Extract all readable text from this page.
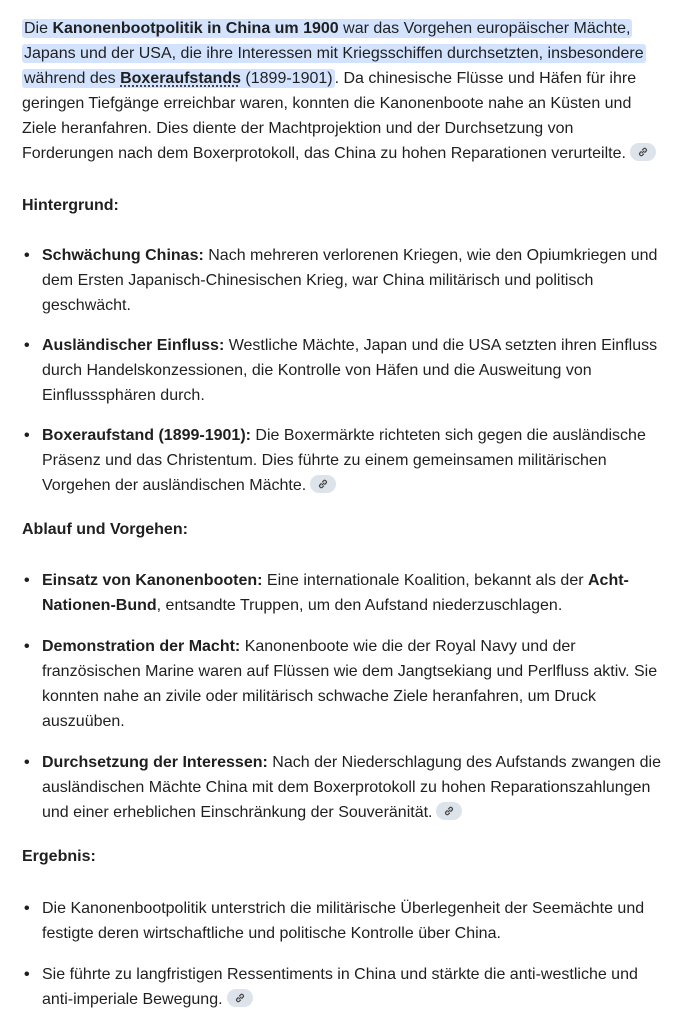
Die Kanonenbootpolitik in China um 1900 war das Vorgehen europäischer Mächte, Japans und der USA, die ihre Interessen mit Kriegsschiffen durchsetzten, insbesondere während des Boxeraufstands (1899-1901) . Da chinesische Flüsse und Häfen für ihre geringen Tiefgänge erreichbar waren, konnten die Kanonenboote nahe an Küsten und Ziele heranfahren. Dies diente der Machtprojektion und der Durchsetzung von Forderungen nach dem Boxerprotokoll, das China zu hohen Reparationen verurteilte.

Hintergrund:
• Schwächung Chinas: Nach mehreren verlorenen Kriegen, wie den Opiumkriegen und dem Ersten Japanisch-Chinesischen Krieg, war China militärisch und politisch geschwächt.
• Ausländischer Einfluss: Westliche Mächte, Japan und die USA setzten ihren Einfluss durch Handelskonzessionen, die Kontrolle von Häfen und die Ausweitung von Einflusssphären durch.
• Boxeraufstand (1899-1901): Die Boxermärkte richteten sich gegen die ausländische Präsenz und das Christentum. Dies führte zu einem gemeinsamen militärischen Vorgehen der ausländischen Mächte.
Ablauf und Vorgehen:
• Einsatz von Kanonenbooten: Eine internationale Koalition, bekannt als der Acht-Nationen-Bund, entsandte Truppen, um den Aufstand niederzuschlagen.
• Demonstration der Macht: Kanonenboote wie die der Royal Navy und der französischen Marine waren auf Flüssen wie dem Jangtsekiang und Perlfluss aktiv. Sie konnten nahe an zivile oder militärisch schwache Ziele heranfahren, um Druck auszuüben.
• Durchsetzung der Interessen: Nach der Niederschlagung des Aufstands zwangen die ausländischen Mächte China mit dem Boxerprotokoll zu hohen Reparationszahlungen und einer erheblichen Einschränkung der Souveränität.
Ergebnis:
• Die Kanonenbootpolitik unterstrich die militärische Überlegenheit der Seemächte und festigte deren wirtschaftliche und politische Kontrolle über China.
• Sie führte zu langfristigen Ressentiments in China und stärkte die anti-westliche und anti-imperiale Bewegung.
